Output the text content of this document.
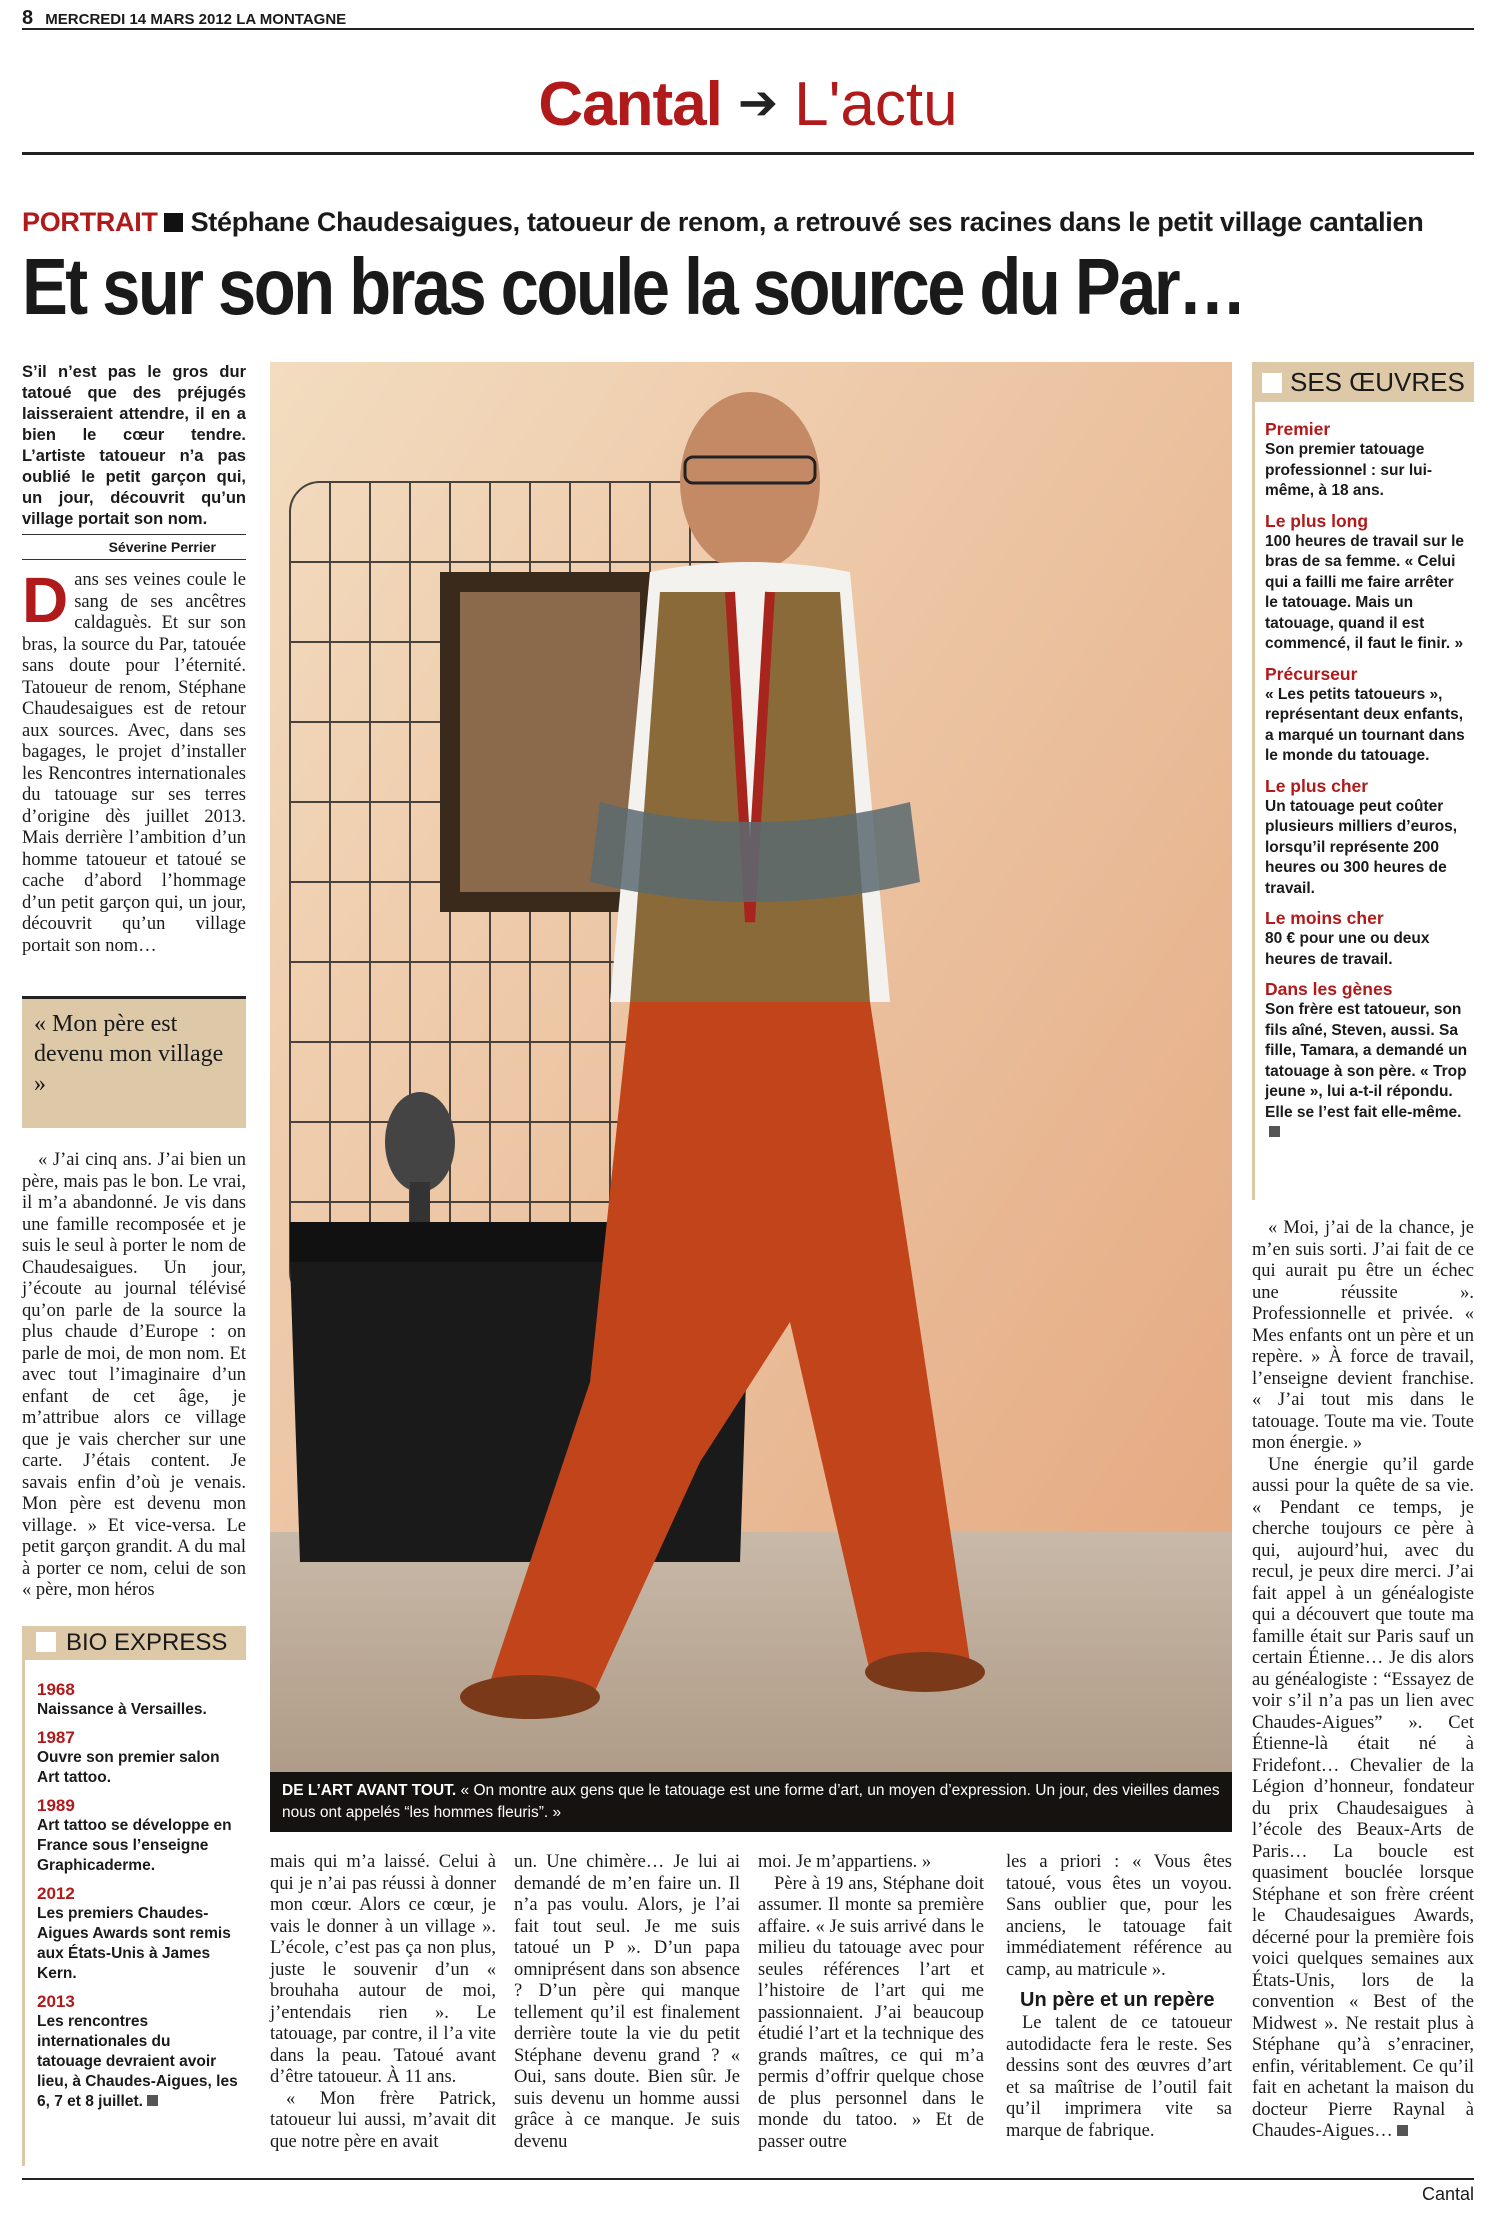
8 MERCREDI 14 MARS 2012 LA MONTAGNE
Cantal ➔ L'actu
PORTRAIT Stéphane Chaudesaigues, tatoueur de renom, a retrouvé ses racines dans le petit village cantalien
Et sur son bras coule la source du Par…
S’il n’est pas le gros dur tatoué que des préjugés laisseraient attendre, il en a bien le cœur tendre. L’artiste tatoueur n’a pas oublié le petit garçon qui, un jour, découvrit qu’un village portait son nom.
Séverine Perrier
Dans ses veines coule le sang de ses ancêtres caldaguès. Et sur son bras, la source du Par, tatouée sans doute pour l’éternité. Tatoueur de renom, Stéphane Chaudesaigues est de retour aux sources. Avec, dans ses bagages, le projet d’installer les Rencontres internationales du tatouage sur ses terres d’origine dès juillet 2013. Mais derrière l’ambition d’un homme tatoueur et tatoué se cache d’abord l’hommage d’un petit garçon qui, un jour, découvrit qu’un village portait son nom…
« Mon père est devenu mon village »

« J’ai cinq ans. J’ai bien un père, mais pas le bon. Le vrai, il m’a abandonné. Je vis dans une famille recomposée et je suis le seul à porter le nom de Chaudesaigues. Un jour, j’écoute au journal télévisé qu’on parle de la source la plus chaude d’Europe : on parle de moi, de mon nom. Et avec tout l’imaginaire d’un enfant de cet âge, je m’attribue alors ce village que je vais chercher sur une carte. J’étais content. Je savais enfin d’où je venais. Mon père est devenu mon village. » Et vice-versa. Le petit garçon grandit. A du mal à porter ce nom, celui de son « père, mon héros

BIO EXPRESS
1968
Naissance à Versailles.
1987
Ouvre son premier salon Art tattoo.
1989
Art tattoo se développe en France sous l’enseigne Graphicaderme.
2012
Les premiers Chaudes-Aigues Awards sont remis aux États-Unis à James Kern.
2013
Les rencontres internationales du tatouage devraient avoir lieu, à Chaudes-Aigues, les 6, 7 et 8 juillet.
DE L’ART AVANT TOUT. « On montre aux gens que le tatouage est une forme d’art, un moyen d’expression. Un jour, des vieilles dames nous ont appelés “les hommes fleuris”. »

mais qui m’a laissé. Celui à qui je n’ai pas réussi à donner mon cœur. Alors ce cœur, je vais le donner à un village ». L’école, c’est pas ça non plus, juste le souvenir d’un « brouhaha autour de moi, j’entendais rien ». Le tatouage, par contre, il l’a vite dans la peau. Tatoué avant d’être tatoueur. À 11 ans.

« Mon frère Patrick, tatoueur lui aussi, m’avait dit que notre père en avait

un. Une chimère… Je lui ai demandé de m’en faire un. Il n’a pas voulu. Alors, je l’ai fait tout seul. Je me suis tatoué un P ». D’un papa omniprésent dans son absence ? D’un père qui manque tellement qu’il est finalement derrière toute la vie du petit Stéphane devenu grand ? « Oui, sans doute. Bien sûr. Je suis devenu un homme aussi grâce à ce manque. Je suis devenu

moi. Je m’appartiens. »

Père à 19 ans, Stéphane doit assumer. Il monte sa première affaire. « Je suis arrivé dans le milieu du tatouage avec pour seules références l’art et l’histoire de l’art qui me passionnaient. J’ai beaucoup étudié l’art et la technique des grands maîtres, ce qui m’a permis d’offrir quelque chose de plus personnel dans le monde du tatoo. » Et de passer outre

les a priori : « Vous êtes tatoué, vous êtes un voyou. Sans oublier que, pour les anciens, le tatouage fait immédiatement référence au camp, au matricule ».

Un père et un repère

Le talent de ce tatoueur autodidacte fera le reste. Ses dessins sont des œuvres d’art et sa maîtrise de l’outil fait qu’il imprimera vite sa marque de fabrique.

SES ŒUVRES
Premier
Son premier tatouage professionnel : sur lui-même, à 18 ans.
Le plus long
100 heures de travail sur le bras de sa femme. « Celui qui a failli me faire arrêter le tatouage. Mais un tatouage, quand il est commencé, il faut le finir. »
Précurseur
« Les petits tatoueurs », représentant deux enfants, a marqué un tournant dans le monde du tatouage.
Le plus cher
Un tatouage peut coûter plusieurs milliers d’euros, lorsqu’il représente 200 heures ou 300 heures de travail.
Le moins cher
80 € pour une ou deux heures de travail.
Dans les gènes
Son frère est tatoueur, son fils aîné, Steven, aussi. Sa fille, Tamara, a demandé un tatouage à son père. « Trop jeune », lui a-t-il répondu. Elle se l’est fait elle-même.

« Moi, j’ai de la chance, je m’en suis sorti. J’ai fait de ce qui aurait pu être un échec une réussite ». Professionnelle et privée. « Mes enfants ont un père et un repère. » À force de travail, l’enseigne devient franchise. « J’ai tout mis dans le tatouage. Toute ma vie. Toute mon énergie. »

Une énergie qu’il garde aussi pour la quête de sa vie. « Pendant ce temps, je cherche toujours ce père à qui, aujourd’hui, avec du recul, je peux dire merci. J’ai fait appel à un généalogiste qui a découvert que toute ma famille était sur Paris sauf un certain Étienne… Je dis alors au généalogiste : “Essayez de voir s’il n’a pas un lien avec Chaudes-Aigues” ». Cet Étienne-là était né à Fridefont… Chevalier de la Légion d’honneur, fondateur du prix Chaudesaigues à l’école des Beaux-Arts de Paris… La boucle est quasiment bouclée lorsque Stéphane et son frère créent le Chaudesaigues Awards, décerné pour la première fois voici quelques semaines aux États-Unis, lors de la convention « Best of the Midwest ». Ne restait plus à Stéphane qu’à s’enraciner, enfin, véritablement. Ce qu’il fait en achetant la maison du docteur Pierre Raynal à Chaudes-Aigues…

Cantal
